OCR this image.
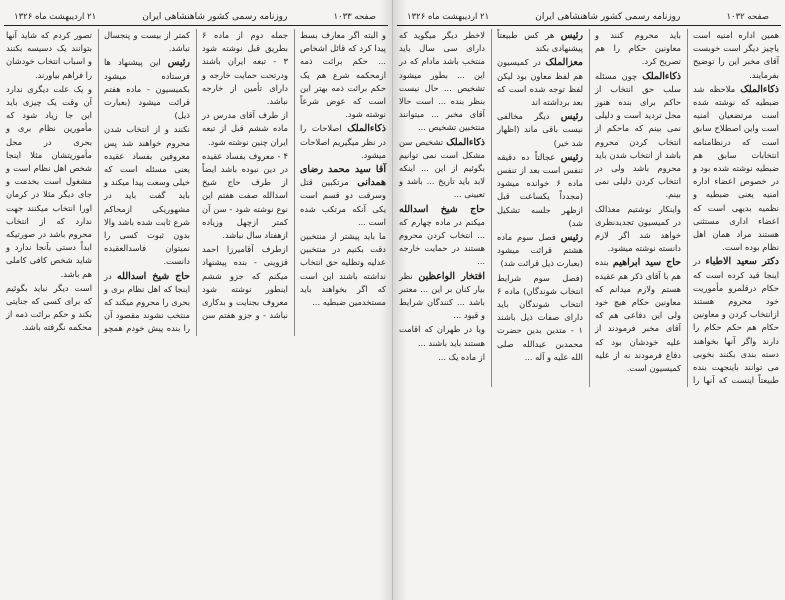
صفحه ۱۰۳۳
روزنامه رسمی کشور شاهنشاهی ایران
۲۱ اردیبهشت ماه ۱۳۲۶

و البته اگر معارف بسط پیدا کرد که قائل اشخاص ... حکم برائت ذمه ازمحکمه شرع هم یک حکم برائت ذمه بهتر این است که عوض شرعاً نوشته شود.

ذکاءالملک اصلاحات را در نظر میگیریم اصلاحات میشود.

آقا سید محمد رضای همدانی مرتکبین قتل وسرقت دو قسم است یکی آنکه مرتکب شده است ...

ما باید پیشتر از منتخبین دقت بکنیم در منتخبین عدلیه وتظلیه حق انتخاب نداشته باشند این است که اگر بخواهند باید مستخدمین ضبطیه ...

جمله دوم از ماده ۶ بطریق قبل نوشته شود ۳ - تبعه ایران باشند ودرتحت حمایت خارجه و دارای تأمین از خارجه نباشد.

از طرف آقای مدرس در ماده ششم قبل از تبعه ایران چنین نوشته شود.

۴ - معروف بفساد عقیده در دین نبوده باشد ایضاً از طرف حاج شیخ اسدالله صفت هفتم این نوع نوشته شود - سن آن کمتر ازچهل وزیاده ازهفتاد سال نباشد.

ازطرف آقامیرزا احمد قزوینی - بنده پیشنهاد میکنم که جزو ششم اینطور نوشته شود معروف بجنایت و بدکاری نباشد - و جزو هفتم سن کمتر از بیست و پنجسال نباشد.

رئیس این پیشنهاد ها فرستاده میشود بکمیسیون - ماده هفتم قرائت میشود (بعبارت ذیل)

نکنند و از انتخاب شدن محروم خواهند شد پس معروفین بفساد عقیده یعنی مسئله است که خیلی وسعت پیدا میکند و باید گفت باید در مشهوریکی ازمحاکم شرع ثابت شده باشد والا بدون ثبوت کسی را نمیتوان فاسدالعقیده دانست.

حاج شیخ اسدالله در اینجا که اهل نظام بری و بحری را محروم میکند که منتخب نشوند مقصود آن را بنده پیش خودم همچو تصور کردم که شاید آنها بتوانند یک دسیسه بکنند و اسباب انتخاب خودشان را فراهم بیاورند.

و یک علت دیگری ندارد آن وقت یک چیزی باید این جا زیاد شود که مأمورین نظام بری و بحری در محل مأموریتشان مثلا اینجا شخص اهل نظام است و مشغول است بخدمت و جای دیگر مثلا در کرمان اورا انتخاب میکنند جهت ندارد که از انتخاب محروم باشد در صورتیکه ابداً دستی بآنجا ندارد و شاید شخص کافی کاملی هم باشد.

است دیگر نباید بگوئیم که برای کسی که جنایتی بکند و حکم برائت ذمه از محکمه نگرفته باشد.

صفحه ۱۰۳۲
روزنامه رسمی کشور شاهنشاهی ایران
۲۱ اردیبهشت ماه ۱۳۲۶

همین اداره امنیه است یاچیز دیگر است خوبست آقای مخبر این را توضیح بفرمایند.

ذکاءالملک ملاحظه شد ضبطیه که نوشته شده است مرتضعیان امنیه است واین اصطلاح سابق است که درنظامنامه انتخابات سابق هم ضبطیه نوشته شده بود و در خصوص اعضاء اداره امنیه یعنی ضبطیه و نظمیه بدیهی است که اعضاء اداری مستثنی هستند مراد همان اهل نظام بوده است.

دکتر سعید الاطباء در اینجا قید کرده است که حکام درقلمرو مأموریت خود محروم هستند ازانتخاب کردن و معاونین حکام هم حکم حکام را دارند واگر آنها بخواهند دسته بندی بکنند بخوبی می توانند باینجهت بنده طبیعتاً اینست که آنها را باید محروم کنند و معاونین حکام را هم تصریح کرد.

ذکاءالملک چون مسئله سلب حق انتخاب از حاکم برای بنده هنوز محل تردید است و دلیلی نمی بینم که ماحکم از انتخاب کردن محروم باشد از انتخاب شدن باید محروم باشد ولی در انتخاب کردن دلیلی نمی بینم.

واینکار نوشتیم معذالک در کمیسیون تجدیدنظری خواهد شد اگر لازم دانسته نوشته میشود.

حاج سید ابراهیم بنده هم با آقای ذکر هم عقیده هستم ولازم میدانم که معاونین حکام هیچ خود ولی این دفاعی هم که آقای مخبر فرمودند از علیه خودشان بود که دفاع فرمودند نه از علیه کمیسیون است.

رئیس هر کس طبیعتاً پیشنهادی بکند

معزالملک در کمیسیون هم لفظ معاون بود لیکن لفظ توجه شده است که بعد برداشته اند

رئیس دیگر مخالفی نیست باقی ماند (اظهار شد خیر)

رئیس عجالتاً ده دقیقه تنفس است بعد از تنفس ماده ۶ خوانده میشود (مجدداً یکساعت قبل ازظهر جلسه تشکیل شد)

رئیس فصل سوم ماده هشتم قرائت میشود (بعبارت ذیل قرائت شد)

(فصل سوم شرایط انتخاب شوندگان) ماده ۶ انتخاب شوندگان باید دارای صفات ذیل باشند ۱ - متدین بدین حضرت محمدبن عبدالله صلی الله علیه و آله ...

لاخطر دیگر میگوید که دارای سی سال باید منتخب باشد مادام که در این ... بطور میشود تشخیص ... حال نیست بنظر بنده ... است حالا آقای مخبر ... میتوانند منتخبین تشخیص ...

ذکاءالملک تشخیص سن مشکل است نمی توانیم بگوئیم از این ... اینکه لابد باید تاریخ ... باشد و تعیینی ...

حاج شیخ اسدالله میکنم در ماده چهارم که ... انتخاب کردن محروم هستند در حمایت خارجه ...

افتخار الواعظین نظر بیار کنان بر این ... معتبر باشد ... کنندگان شرایط و قیود ...

ویا در طهران که اقامت هستند باید باشند ...

از ماده یک ...
